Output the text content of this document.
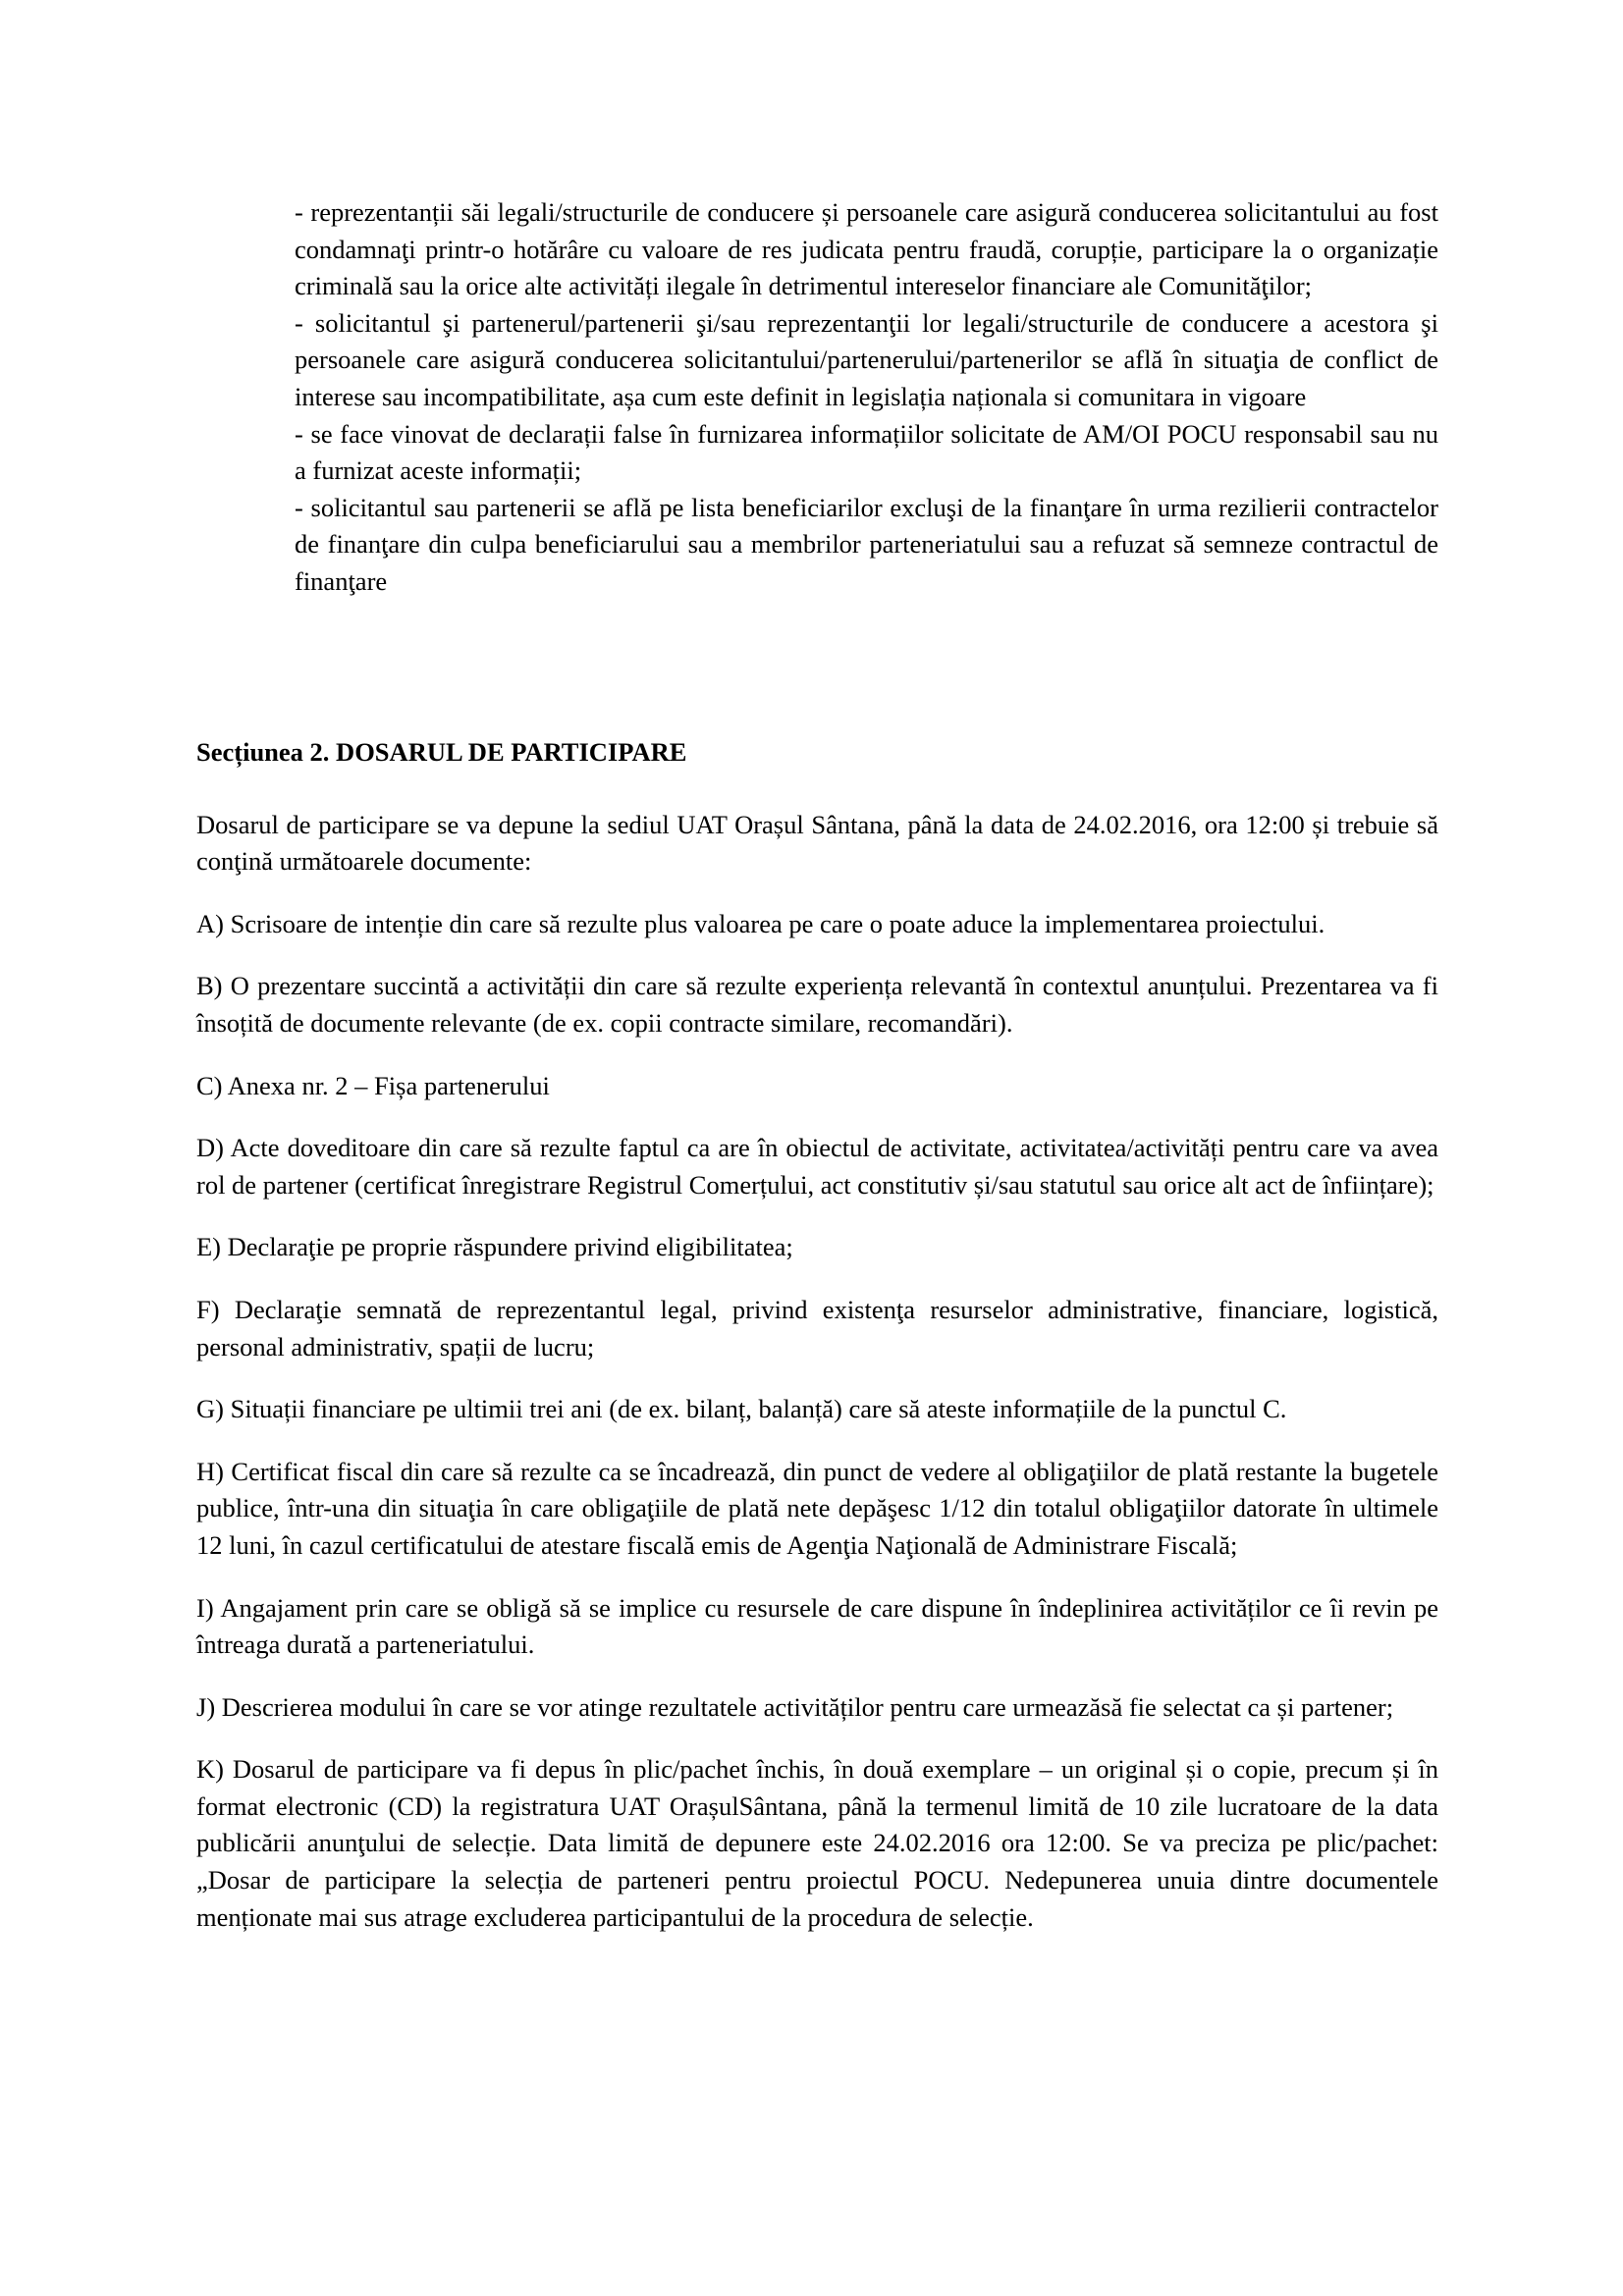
- reprezentanții săi legali/structurile de conducere și persoanele care asigură conducerea solicitantului au fost condamnaţi printr-o hotărâre cu valoare de res judicata pentru fraudă, corupție, participare la o organizație criminală sau la orice alte activități ilegale în detrimentul intereselor financiare ale Comunităţilor;

- solicitantul şi partenerul/partenerii şi/sau reprezentanţii lor legali/structurile de conducere a acestora şi persoanele care asigură conducerea solicitantului/partenerului/partenerilor se află în situaţia de conflict de interese sau incompatibilitate, așa cum este definit in legislația naționala si comunitara in vigoare

- se face vinovat de declarații false în furnizarea informațiilor solicitate de AM/OI POCU responsabil sau nu a furnizat aceste informații;

- solicitantul sau partenerii se află pe lista beneficiarilor excluşi de la finanţare în urma rezilierii contractelor de finanţare din culpa beneficiarului sau a membrilor parteneriatului sau a refuzat să semneze contractul de finanţare

Secțiunea 2. DOSARUL DE PARTICIPARE

Dosarul de participare se va depune la sediul UAT Orașul Sântana, până la data de 24.02.2016, ora 12:00 și trebuie să conţină următoarele documente:

A) Scrisoare de intenție din care să rezulte plus valoarea pe care o poate aduce la implementarea proiectului.

B) O prezentare succintă a activității din care să rezulte experiența relevantă în contextul anunțului. Prezentarea va fi însoțită de documente relevante (de ex. copii contracte similare, recomandări).

C) Anexa nr. 2 – Fișa partenerului

D) Acte doveditoare din care să rezulte faptul ca are în obiectul de activitate, activitatea/activități pentru care va avea rol de partener (certificat înregistrare Registrul Comerțului, act constitutiv și/sau statutul sau orice alt act de înființare);

E) Declaraţie pe proprie răspundere privind eligibilitatea;

F) Declaraţie semnată de reprezentantul legal, privind existenţa resurselor administrative, financiare, logistică, personal administrativ, spații de lucru;

G) Situații financiare pe ultimii trei ani (de ex. bilanț, balanță) care să ateste informațiile de la punctul C.

H) Certificat fiscal din care să rezulte ca se încadrează, din punct de vedere al obligaţiilor de plată restante la bugetele publice, într-una din situaţia în care obligaţiile de plată nete depăşesc 1/12 din totalul obligaţiilor datorate în ultimele 12 luni, în cazul certificatului de atestare fiscală emis de Agenţia Naţională de Administrare Fiscală;

I) Angajament prin care se obligă să se implice cu resursele de care dispune în îndeplinirea activităților ce îi revin pe întreaga durată a parteneriatului.

J) Descrierea modului în care se vor atinge rezultatele activităților pentru care urmeazăsă fie selectat ca și partener;

K) Dosarul de participare va fi depus în plic/pachet închis, în două exemplare – un original și o copie, precum și în format electronic (CD) la registratura UAT OrașulSântana, până la termenul limită de 10 zile lucratoare de la data publicării anunţului de selecție. Data limită de depunere este 24.02.2016 ora 12:00. Se va preciza pe plic/pachet: „Dosar de participare la selecția de parteneri pentru proiectul POCU. Nedepunerea unuia dintre documentele menționate mai sus atrage excluderea participantului de la procedura de selecție.
